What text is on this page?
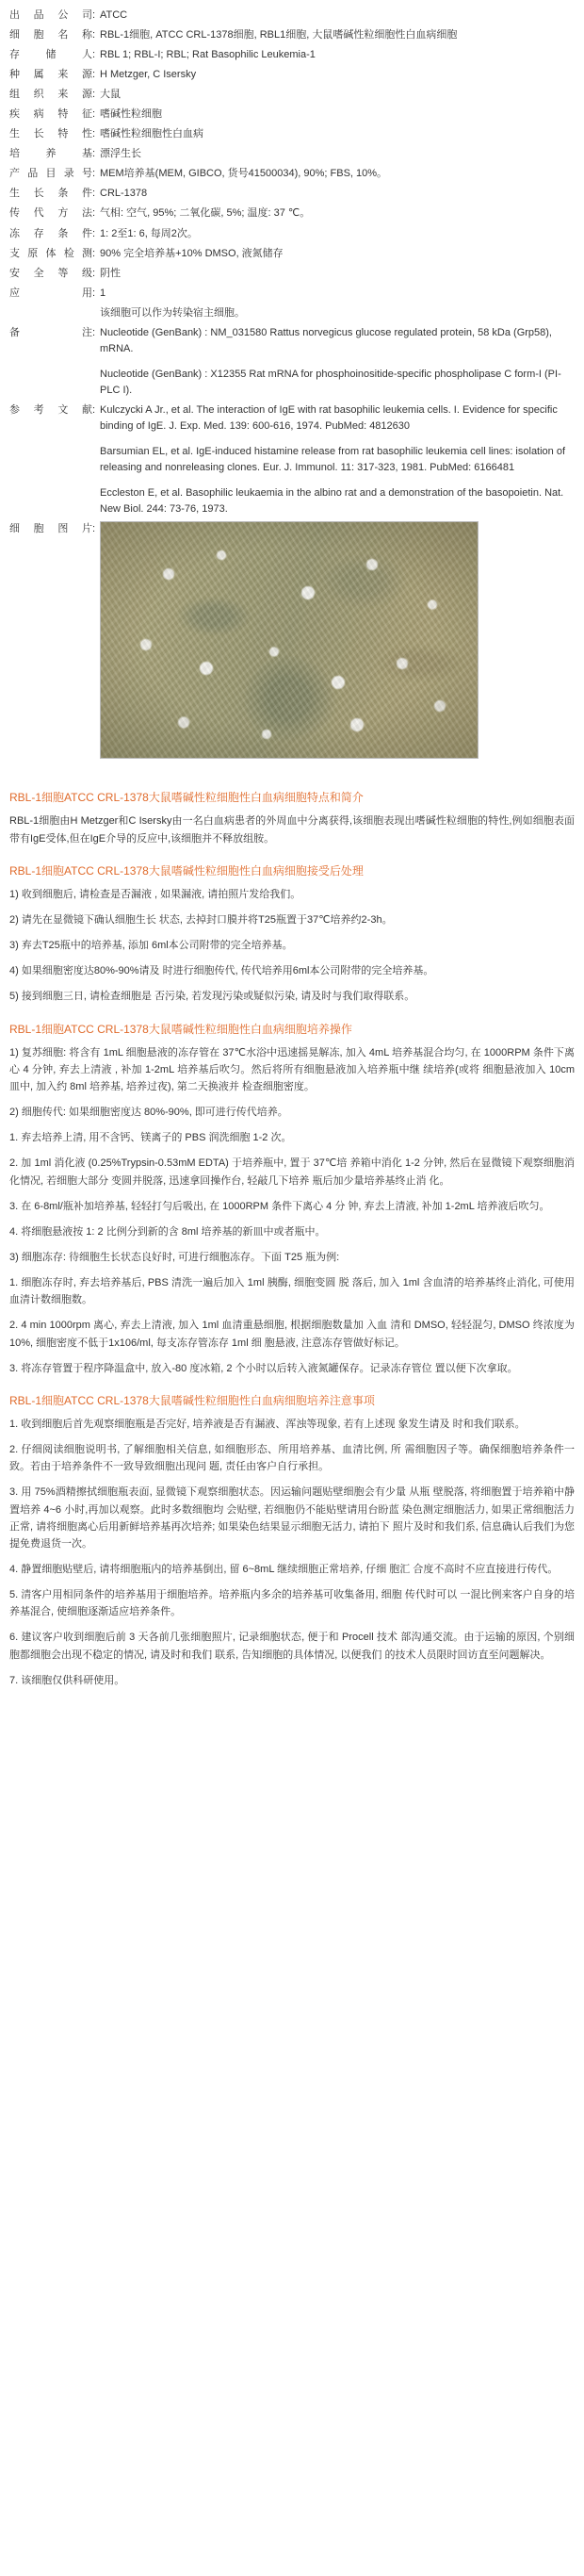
出品公司	:	ATCC
细胞名称	:	RBL-1细胞, ATCC CRL-1378细胞, RBL1细胞, 大鼠嗜碱性粒细胞性白血病细胞
存储人	:	RBL 1; RBL-I; RBL; Rat Basophilic Leukemia-1
种属来源	:	H Metzger, C Isersky
组织来源	:	大鼠
疾病特征	:	嗜碱性粒细胞
生长特性	:	嗜碱性粒细胞性白血病
培养基	:	漂浮生长
产品目录号	:	MEM培养基(MEM, GIBCO, 货号41500034), 90%; FBS, 10%。
生长条件	:	CRL-1378
传代方法	:	气相: 空气, 95%; 二氧化碳, 5%; 温度: 37 ℃。
冻存条件	:	1: 2至1: 6, 每周2次。
支原体检测	:	90% 完全培养基+10% DMSO, 液氮储存
安全等级	:	阴性
应用	:	1
		该细胞可以作为转染宿主细胞。
备注	:	Nucleotide (GenBank) : NM_031580 Rattus norvegicus glucose regulated protein, 58 kDa (Grp58), mRNA.

Nucleotide (GenBank) : X12355 Rat mRNA for phosphoinositide-specific phospholipase C form-I (PI-PLC I).

参考文献	:	Kulczycki A Jr., et al. The interaction of IgE with rat basophilic leukemia cells. I. Evidence for specific binding of IgE. J. Exp. Med. 139: 600-616, 1974. PubMed: 4812630

Barsumian EL, et al. IgE-induced histamine release from rat basophilic leukemia cell lines: isolation of releasing and nonreleasing clones. Eur. J. Immunol. 11: 317-323, 1981. PubMed: 6166481

Eccleston E, et al. Basophilic leukaemia in the albino rat and a demonstration of the basopoietin. Nat. New Biol. 244: 73-76, 1973.

细胞图片	:	
RBL-1细胞ATCC CRL-1378大鼠嗜碱性粒细胞性白血病细胞特点和简介

RBL-1细胞由H Metzger和C Isersky由一名白血病患者的外周血中分离获得,该细胞表现出嗜碱性粒细胞的特性,例如细胞表面带有IgE受体,但在IgE介导的反应中,该细胞并不释放组胺。

RBL-1细胞ATCC CRL-1378大鼠嗜碱性粒细胞性白血病细胞接受后处理

1) 收到细胞后, 请检查是否漏液 , 如果漏液, 请拍照片发给我们。

2) 请先在显微镜下确认细胞生长 状态, 去掉封口膜并将T25瓶置于37℃培养约2-3h。

3) 弃去T25瓶中的培养基, 添加 6ml本公司附带的完全培养基。

4) 如果细胞密度达80%-90%请及 时进行细胞传代, 传代培养用6ml本公司附带的完全培养基。

5) 接到细胞三日, 请检查细胞是 否污染, 若发现污染或疑似污染, 请及时与我们取得联系。

RBL-1细胞ATCC CRL-1378大鼠嗜碱性粒细胞性白血病细胞培养操作

1) 复苏细胞: 将含有 1mL 细胞悬液的冻存管在 37℃水浴中迅速摇晃解冻, 加入 4mL 培养基混合均匀, 在 1000RPM 条件下离心 4 分钟, 弃去上清液 , 补加 1-2mL 培养基后吹匀。然后将所有细胞悬液加入培养瓶中继 续培养(或将 细胞悬液加入 10cm 皿中, 加入约 8ml 培养基, 培养过夜), 第二天换液并 检查细胞密度。

2) 细胞传代: 如果细胞密度达 80%-90%, 即可进行传代培养。

1. 弃去培养上清, 用不含钙、镁离子的 PBS 润洗细胞 1-2 次。

2. 加 1ml 消化液 (0.25%Trypsin-0.53mM EDTA) 于培养瓶中, 置于 37℃培 养箱中消化 1-2 分钟, 然后在显微镜下观察细胞消化情况, 若细胞大部分 变圆并脱落, 迅速拿回操作台, 轻敲几下培养 瓶后加少量培养基终止消 化。

3. 在 6-8ml/瓶补加培养基, 轻轻打勻后吸出, 在 1000RPM 条件下离心 4 分 钟, 弃去上清液, 补加 1-2mL 培养液后吹匀。

4. 将细胞悬液按 1: 2 比例分到新的含 8ml 培养基的新皿中或者瓶中。

3) 细胞冻存: 待细胞生长状态良好时, 可进行细胞冻存。下面 T25 瓶为例:

1. 细胞冻存时, 弃去培养基后, PBS 清洗一遍后加入 1ml 胰酶, 细胞变圆 脱 落后, 加入 1ml 含血清的培养基终止消化, 可使用血清计数细胞数。

2. 4 min 1000rpm 离心, 弃去上清液, 加入 1ml 血清重悬细胞, 根据细胞数量加 入血 清和 DMSO, 轻轻混匀, DMSO 终浓度为 10%, 细胞密度不低于1x106/ml, 每支冻存管冻存 1ml 细 胞悬液, 注意冻存管做好标记。

3. 将冻存管置于程序降温盒中, 放入-80 度冰箱, 2 个小时以后转入液氮罐保存。记录冻存管位 置以便下次拿取。

RBL-1细胞ATCC CRL-1378大鼠嗜碱性粒细胞性白血病细胞培养注意事项

1. 收到细胞后首先观察细胞瓶是否完好, 培养液是否有漏液、浑浊等现象, 若有上述现 象发生请及 时和我们联系。

2. 仔细阅读细胞说明书, 了解细胞相关信息, 如细胞形态、所用培养基、血清比例, 所 需细胞因子等。确保细胞培养条件一致。若由于培养条件不一致导致细胞出现问 题, 责任由客户自行承担。

3. 用 75%酒精擦拭细胞瓶表面, 显微镜下观察细胞状态。因运输问题贴壁细胞会有少量 从瓶 壁脱落, 将细胞置于培养箱中静置培养 4~6 小时,再加以观察。此时多数细胞均 会贴壁, 若细胞仍不能贴壁请用台盼蓝 染色测定细胞活力, 如果正常细胞活力正常, 请将细胞离心后用新鲜培养基再次培养; 如果染色结果显示细胞无活力, 请拍下 照片及时和我们系, 信息确认后我们为您提免费退货一次。

4. 静置细胞贴壁后, 请将细胞瓶内的培养基倒出, 留 6~8mL 继续细胞正常培养, 仔细 胞汇 合度不高时不应直接进行传代。

5. 清客户用相同条件的培养基用于细胞培养。培养瓶内多余的培养基可收集备用, 细胞 传代时可以 一混比例来客户自身的培养基混合, 使细胞逐渐适应培养条件。

6. 建议客户收到细胞后前 3 天各前几张细胞照片, 记录细胞状态, 便于和 Procell 技术 部沟通交流。由于运输的原因, 个别细胞都细胞会出现不稳定的情况, 请及时和我们 联系, 告知细胞的具体情况, 以便我们 的技术人员限时回访直至问题解决。

7. 该细胞仅供科研使用。
